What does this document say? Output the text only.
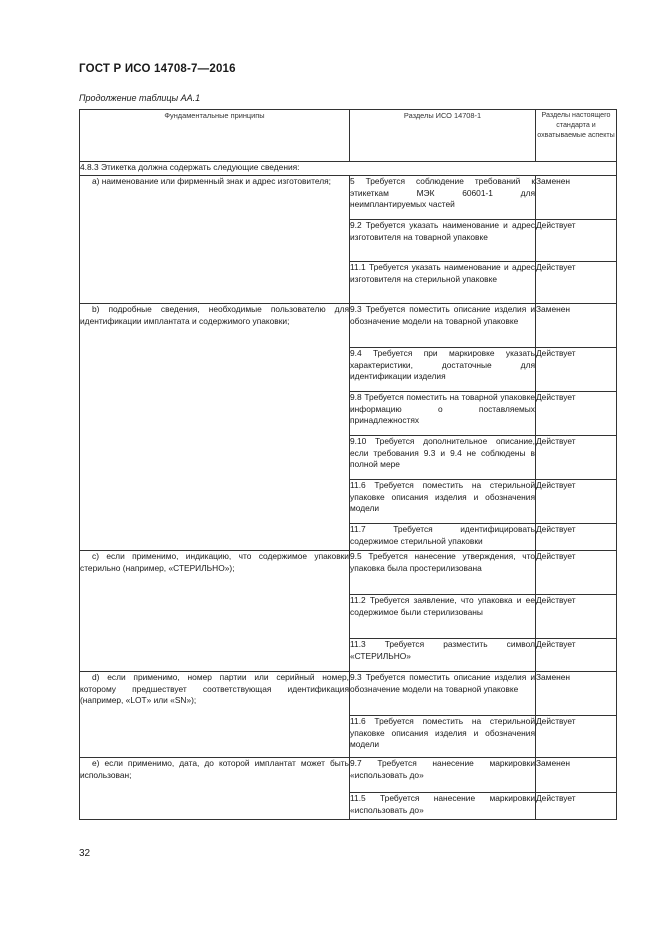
ГОСТ Р ИСО 14708-7—2016
Продолжение таблицы АА.1
Фундаментальные принципы	Разделы ИСО 14708-1	Разделы настоящего стандарта и охватываемые аспекты
4.8.3 Этикетка должна содержать следующие сведения:		

а) наименование или фирменный знак и адрес изготовителя;	5 Требуется соблюдение требований к этикеткам МЭК 60601-1 для неимплантируемых частей	Заменен
	9.2 Требуется указать наименование и адрес изготовителя на товарной упаковке	Действует
	11.1 Требуется указать наименование и адрес изготовителя на стерильной упаковке	Действует

b) подробные сведения, необходимые пользователю для идентификации имплантата и содержимого упаковки;	9.3 Требуется поместить описание изделия и обозначение модели на товарной упаковке	Заменен
	9.4 Требуется при маркировке указать характеристики, достаточные для идентификации изделия	Действует
	9.8 Требуется поместить на товарной упаковке информацию о поставляемых принадлежностях	Действует
	9.10 Требуется дополнительное описание, если требования 9.3 и 9.4 не соблюдены в полной мере	Действует
	11.6 Требуется поместить на стерильной упаковке описания изделия и обозначения модели	Действует
	11.7 Требуется идентифицировать содержимое стерильной упаковки	Действует

с) если применимо, индикацию, что содержимое упаковки стерильно (например, «СТЕРИЛЬНО»);	9.5 Требуется нанесение утверждения, что упаковка была простерилизована	Действует
	11.2 Требуется заявление, что упаковка и ее содержимое были стерилизованы	Действует
	11.3 Требуется разместить символ «СТЕРИЛЬНО»	Действует

d) если применимо, номер партии или серийный номер, которому предшествует соответствующая идентификация (например, «LOT» или «SN»);	9.3 Требуется поместить описание изделия и обозначение модели на товарной упаковке	Заменен
	11.6 Требуется поместить на стерильной упаковке описания изделия и обозначения модели	Действует

е) если применимо, дата, до которой имплантат может быть использован;	9.7 Требуется нанесение маркировки «использовать до»	Заменен
	11.5 Требуется нанесение маркировки «использовать до»	Действует
32
